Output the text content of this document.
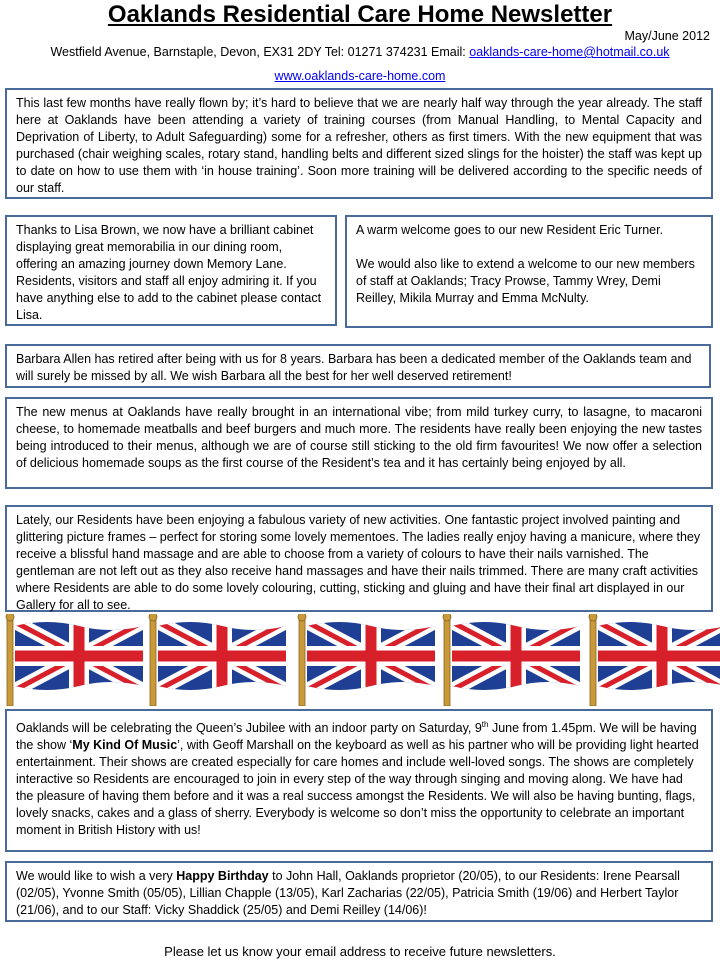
Oaklands Residential Care Home Newsletter
May/June 2012
Westfield Avenue, Barnstaple, Devon, EX31 2DY Tel: 01271 374231 Email: oaklands-care-home@hotmail.co.uk
www.oaklands-care-home.com

This last few months have really flown by; it’s hard to believe that we are nearly half way through the year already. The staff here at Oaklands have been attending a variety of training courses (from Manual Handling, to Mental Capacity and Deprivation of Liberty, to Adult Safeguarding) some for a refresher, others as first timers. With the new equipment that was purchased (chair weighing scales, rotary stand, handling belts and different sized slings for the hoister) the staff was kept up to date on how to use them with ‘in house training’. Soon more training will be delivered according to the specific needs of our staff.

Thanks to Lisa Brown, we now have a brilliant cabinet displaying great memorabilia in our dining room, offering an amazing journey down Memory Lane. Residents, visitors and staff all enjoy admiring it. If you have anything else to add to the cabinet please contact Lisa.

A warm welcome goes to our new Resident Eric Turner.

We would also like to extend a welcome to our new members of staff at Oaklands; Tracy Prowse, Tammy Wrey, Demi Reilley, Mikila Murray and Emma McNulty.

Barbara Allen has retired after being with us for 8 years. Barbara has been a dedicated member of the Oaklands team and will surely be missed by all. We wish Barbara all the best for her well deserved retirement!

The new menus at Oaklands have really brought in an international vibe; from mild turkey curry, to lasagne, to macaroni cheese, to homemade meatballs and beef burgers and much more. The residents have really been enjoying the new tastes being introduced to their menus, although we are of course still sticking to the old firm favourites! We now offer a selection of delicious homemade soups as the first course of the Resident’s tea and it has certainly being enjoyed by all.

Lately, our Residents have been enjoying a fabulous variety of new activities. One fantastic project involved painting and glittering picture frames – perfect for storing some lovely mementoes. The ladies really enjoy having a manicure, where they receive a blissful hand massage and are able to choose from a variety of colours to have their nails varnished. The gentleman are not left out as they also receive hand massages and have their nails trimmed. There are many craft activities where Residents are able to do some lovely colouring, cutting, sticking and gluing and have their final art displayed in our Gallery for all to see.

Oaklands will be celebrating the Queen’s Jubilee with an indoor party on Saturday, 9th June from 1.45pm. We will be having the show ‘My Kind Of Music’, with Geoff Marshall on the keyboard as well as his partner who will be providing light hearted entertainment. Their shows are created especially for care homes and include well-loved songs. The shows are completely interactive so Residents are encouraged to join in every step of the way through singing and moving along. We have had the pleasure of having them before and it was a real success amongst the Residents. We will also be having bunting, flags, lovely snacks, cakes and a glass of sherry. Everybody is welcome so don’t miss the opportunity to celebrate an important moment in British History with us!

We would like to wish a very Happy Birthday to John Hall, Oaklands proprietor (20/05), to our Residents: Irene Pearsall (02/05), Yvonne Smith (05/05), Lillian Chapple (13/05), Karl Zacharias (22/05), Patricia Smith (19/06) and Herbert Taylor (21/06), and to our Staff: Vicky Shaddick (25/05) and Demi Reilley (14/06)!

Please let us know your email address to receive future newsletters.
